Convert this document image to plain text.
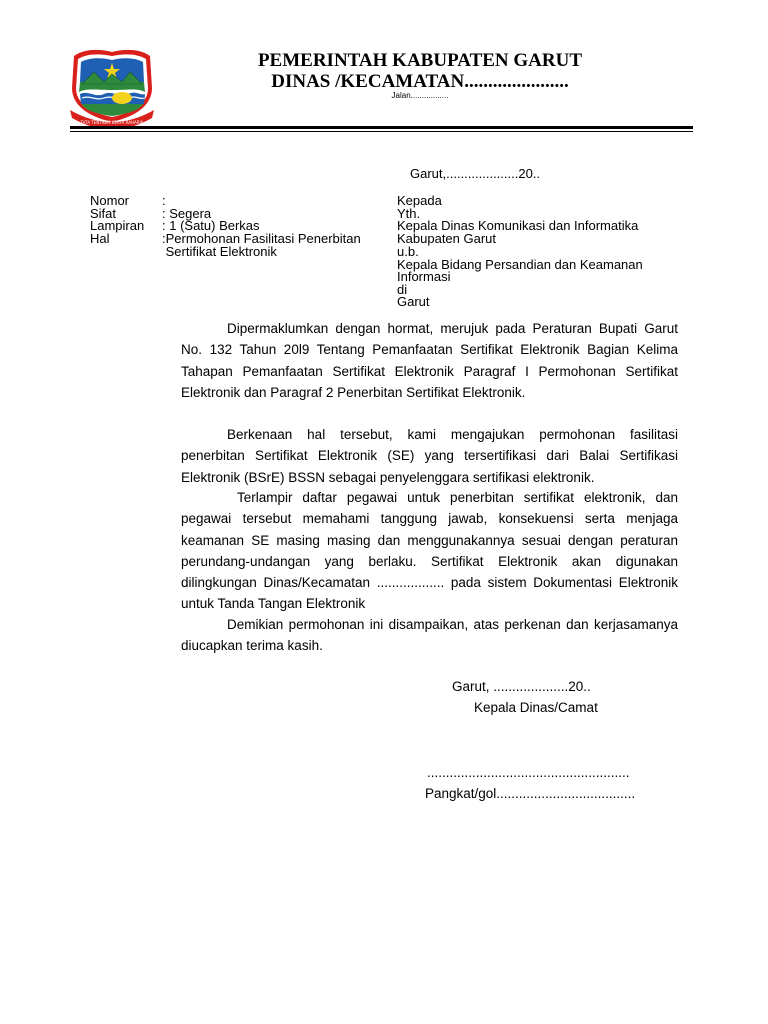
TATA TENTREM KERTA RAHARJA
PEMERINTAH KABUPATEN GARUT
DINAS /KECAMATAN......................
Jalan.................
Garut,....................20..
Nomor
Sifat
Lampiran
Hal
:
: Segera
: 1 (Satu) Berkas
:Permohonan Fasilitasi Penerbitan
Sertifikat Elektronik
Kepada
Yth.
Kepala Dinas Komunikasi dan Informatika
Kabupaten Garut
u.b.
Kepala Bidang Persandian dan Keamanan
Informasi
di
Garut
Dipermaklumkan dengan hormat, merujuk pada Peraturan Bupati Garut No. 132 Tahun 20l9 Tentang Pemanfaatan Sertifikat Elektronik Bagian Kelima Tahapan Pemanfaatan Sertifikat Elektronik Paragraf I Permohonan Sertifikat Elektronik dan Paragraf 2 Penerbitan Sertifikat Elektronik.
Berkenaan hal tersebut, kami mengajukan permohonan fasilitasi penerbitan Sertifikat Elektronik (SE) yang tersertifikasi dari Balai Sertifikasi Elektronik (BSrE) BSSN sebagai penyelenggara sertifikasi elektronik.
Terlampir daftar pegawai untuk penerbitan sertifikat elektronik, dan pegawai tersebut memahami tanggung jawab, konsekuensi serta menjaga keamanan SE masing masing dan menggunakannya sesuai dengan peraturan perundang-undangan yang berlaku. Sertifikat Elektronik akan digunakan dilingkungan Dinas/Kecamatan .................. pada sistem Dokumentasi Elektronik untuk Tanda Tangan Elektronik
Demikian permohonan ini disampaikan, atas perkenan dan kerjasamanya diucapkan terima kasih.
Garut, ....................20..
Kepala Dinas/Camat
......................................................
Pangkat/gol.....................................
